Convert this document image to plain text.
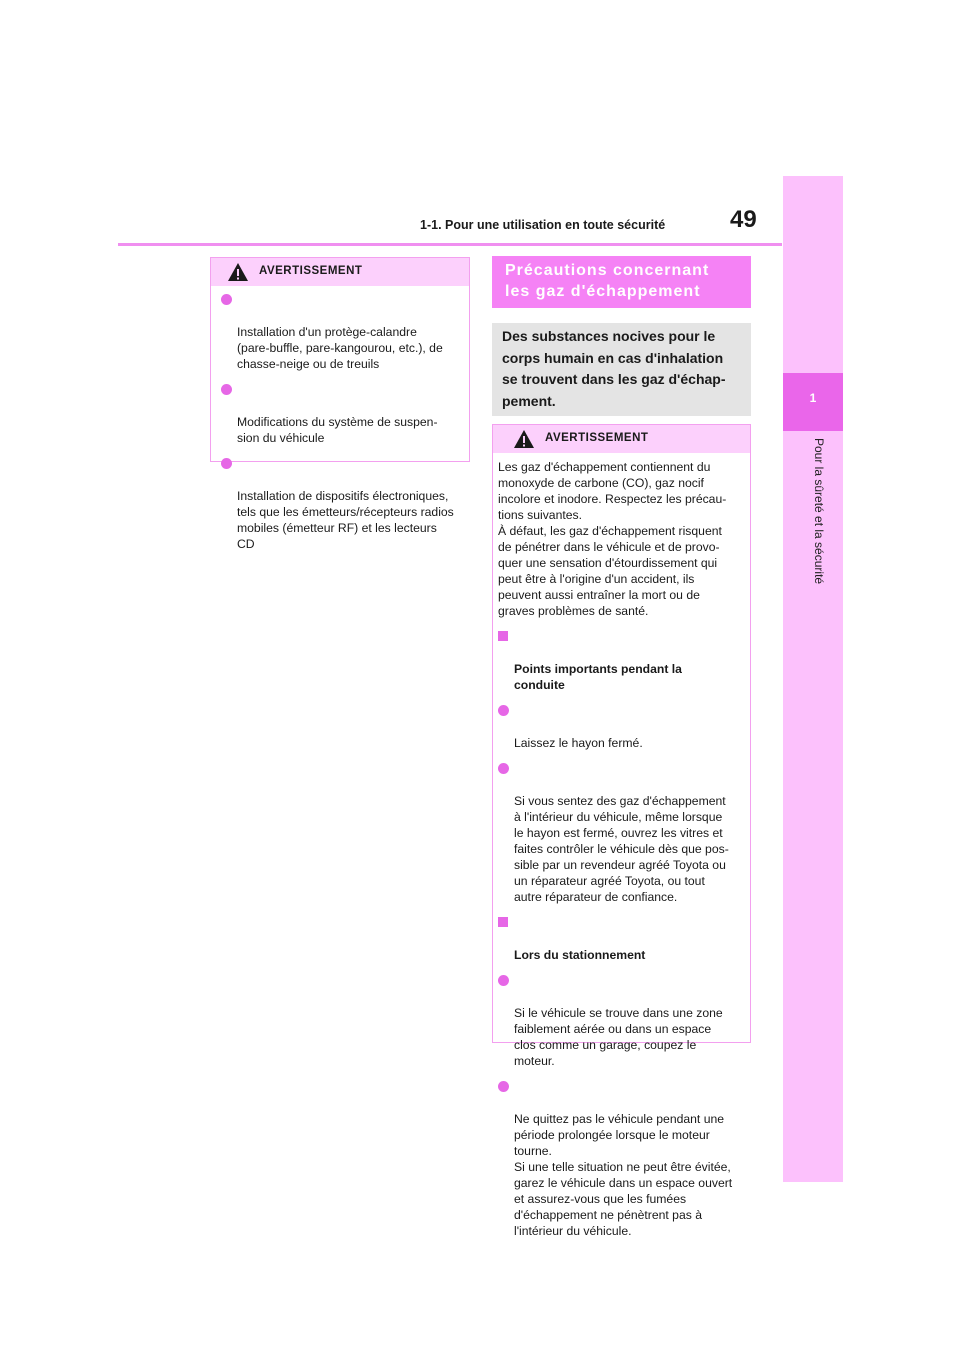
1-1. Pour une utilisation en toute sécurité	49
1
Pour la sûreté et la sécurité
AVERTISSEMENT

Installation d'un protège-calandre
(pare-buffle, pare-kangourou, etc.), de
chasse-neige ou de treuils

Modifications du système de suspen-
sion du véhicule

Installation de dispositifs électroniques,
tels que les émetteurs/récepteurs radios
mobiles (émetteur RF) et les lecteurs
CD

Précautions concernant
les gaz d'échappement
Des substances nocives pour le
corps humain en cas d'inhalation
se trouvent dans les gaz d'échap-
pement.
AVERTISSEMENT
Les gaz d'échappement contiennent du
monoxyde de carbone (CO), gaz nocif
incolore et inodore. Respectez les précau-
tions suivantes.
À défaut, les gaz d'échappement risquent
de pénétrer dans le véhicule et de provo-
quer une sensation d'étourdissement qui
peut être à l'origine d'un accident, ils
peuvent aussi entraîner la mort ou de
graves problèmes de santé.

Points importants pendant la
conduite

Laissez le hayon fermé.

Si vous sentez des gaz d'échappement
à l'intérieur du véhicule, même lorsque
le hayon est fermé, ouvrez les vitres et
faites contrôler le véhicule dès que pos-
sible par un revendeur agréé Toyota ou
un réparateur agréé Toyota, ou tout
autre réparateur de confiance.

Lors du stationnement

Si le véhicule se trouve dans une zone
faiblement aérée ou dans un espace
clos comme un garage, coupez le
moteur.

Ne quittez pas le véhicule pendant une
période prolongée lorsque le moteur
tourne.
Si une telle situation ne peut être évitée,
garez le véhicule dans un espace ouvert
et assurez-vous que les fumées
d'échappement ne pénètrent pas à
l'intérieur du véhicule.
